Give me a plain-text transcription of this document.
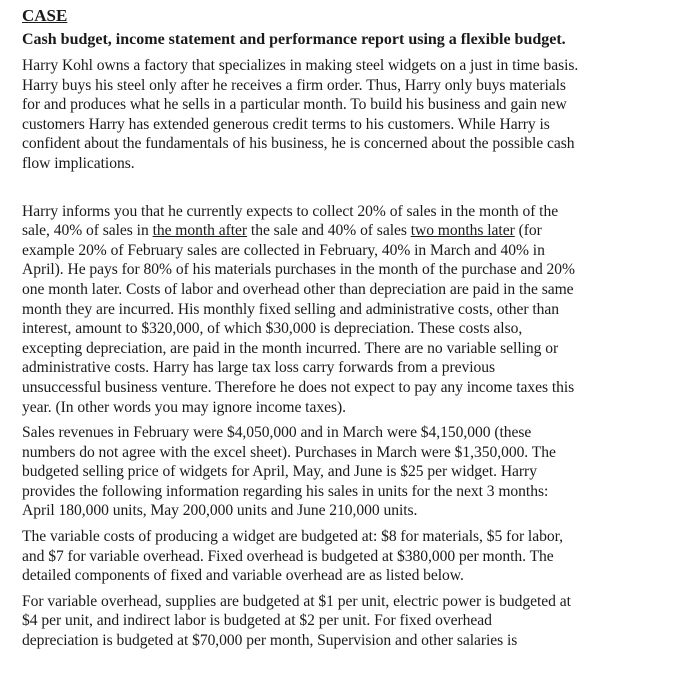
CASE
Cash budget, income statement and performance report using a flexible budget.

Harry Kohl owns a factory that specializes in making steel widgets on a just in time basis.
Harry buys his steel only after he receives a firm order. Thus, Harry only buys materials
for and produces what he sells in a particular month. To build his business and gain new
customers Harry has extended generous credit terms to his customers. While Harry is
confident about the fundamentals of his business, he is concerned about the possible cash
flow implications.

Harry informs you that he currently expects to collect 20% of sales in the month of the
sale, 40% of sales in the month after the sale and 40% of sales two months later (for
example 20% of February sales are collected in February, 40% in March and 40% in
April). He pays for 80% of his materials purchases in the month of the purchase and 20%
one month later. Costs of labor and overhead other than depreciation are paid in the same
month they are incurred. His monthly fixed selling and administrative costs, other than
interest, amount to $320,000, of which $30,000 is depreciation. These costs also,
excepting depreciation, are paid in the month incurred. There are no variable selling or
administrative costs. Harry has large tax loss carry forwards from a previous
unsuccessful business venture. Therefore he does not expect to pay any income taxes this
year. (In other words you may ignore income taxes).

Sales revenues in February were $4,050,000 and in March were $4,150,000 (these
numbers do not agree with the excel sheet). Purchases in March were $1,350,000. The
budgeted selling price of widgets for April, May, and June is $25 per widget. Harry
provides the following information regarding his sales in units for the next 3 months:
April 180,000 units, May 200,000 units and June 210,000 units.

The variable costs of producing a widget are budgeted at: $8 for materials, $5 for labor,
and $7 for variable overhead. Fixed overhead is budgeted at $380,000 per month. The
detailed components of fixed and variable overhead are as listed below.

For variable overhead, supplies are budgeted at $1 per unit, electric power is budgeted at
$4 per unit, and indirect labor is budgeted at $2 per unit. For fixed overhead
depreciation is budgeted at $70,000 per month, Supervision and other salaries is
